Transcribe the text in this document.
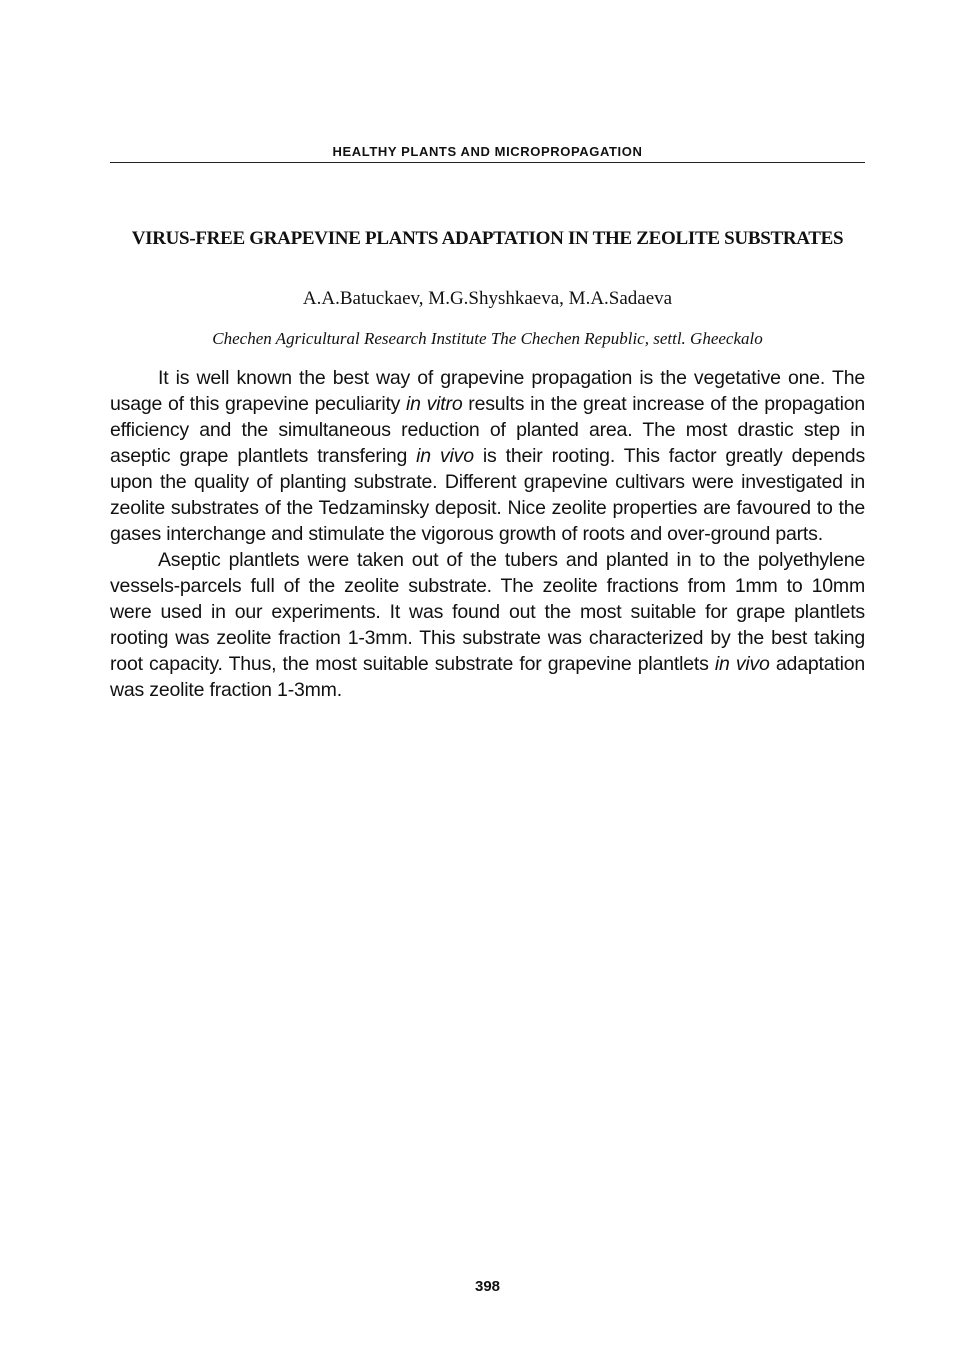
HEALTHY PLANTS AND MICROPROPAGATION
VIRUS-FREE GRAPEVINE PLANTS ADAPTATION IN THE ZEOLITE SUBSTRATES
A.A.Batuckaev, M.G.Shyshkaeva, M.A.Sadaeva
Chechen Agricultural Research Institute The Chechen Republic, settl. Gheeckalo

It is well known the best way of grapevine propagation is the vegetative one. The usage of this grapevine peculiarity in vitro results in the great increase of the propagation efficiency and the simultaneous reduction of planted area. The most drastic step in aseptic grape plantlets transfering in vivo is their rooting. This factor greatly depends upon the quality of planting substrate. Different grapevine cultivars were investigated in zeolite substrates of the Tedzaminsky deposit. Nice zeolite properties are favoured to the gases interchange and stimulate the vigorous growth of roots and over-ground parts.

Aseptic plantlets were taken out of the tubers and planted in to the polyethylene vessels-parcels full of the zeolite substrate. The zeolite fractions from 1mm to 10mm were used in our experiments. It was found out the most suitable for grape plantlets rooting was zeolite fraction 1-3mm. This substrate was characterized by the best taking root capacity. Thus, the most suitable substrate for grapevine plantlets in vivo adaptation was zeolite fraction 1-3mm.

398
